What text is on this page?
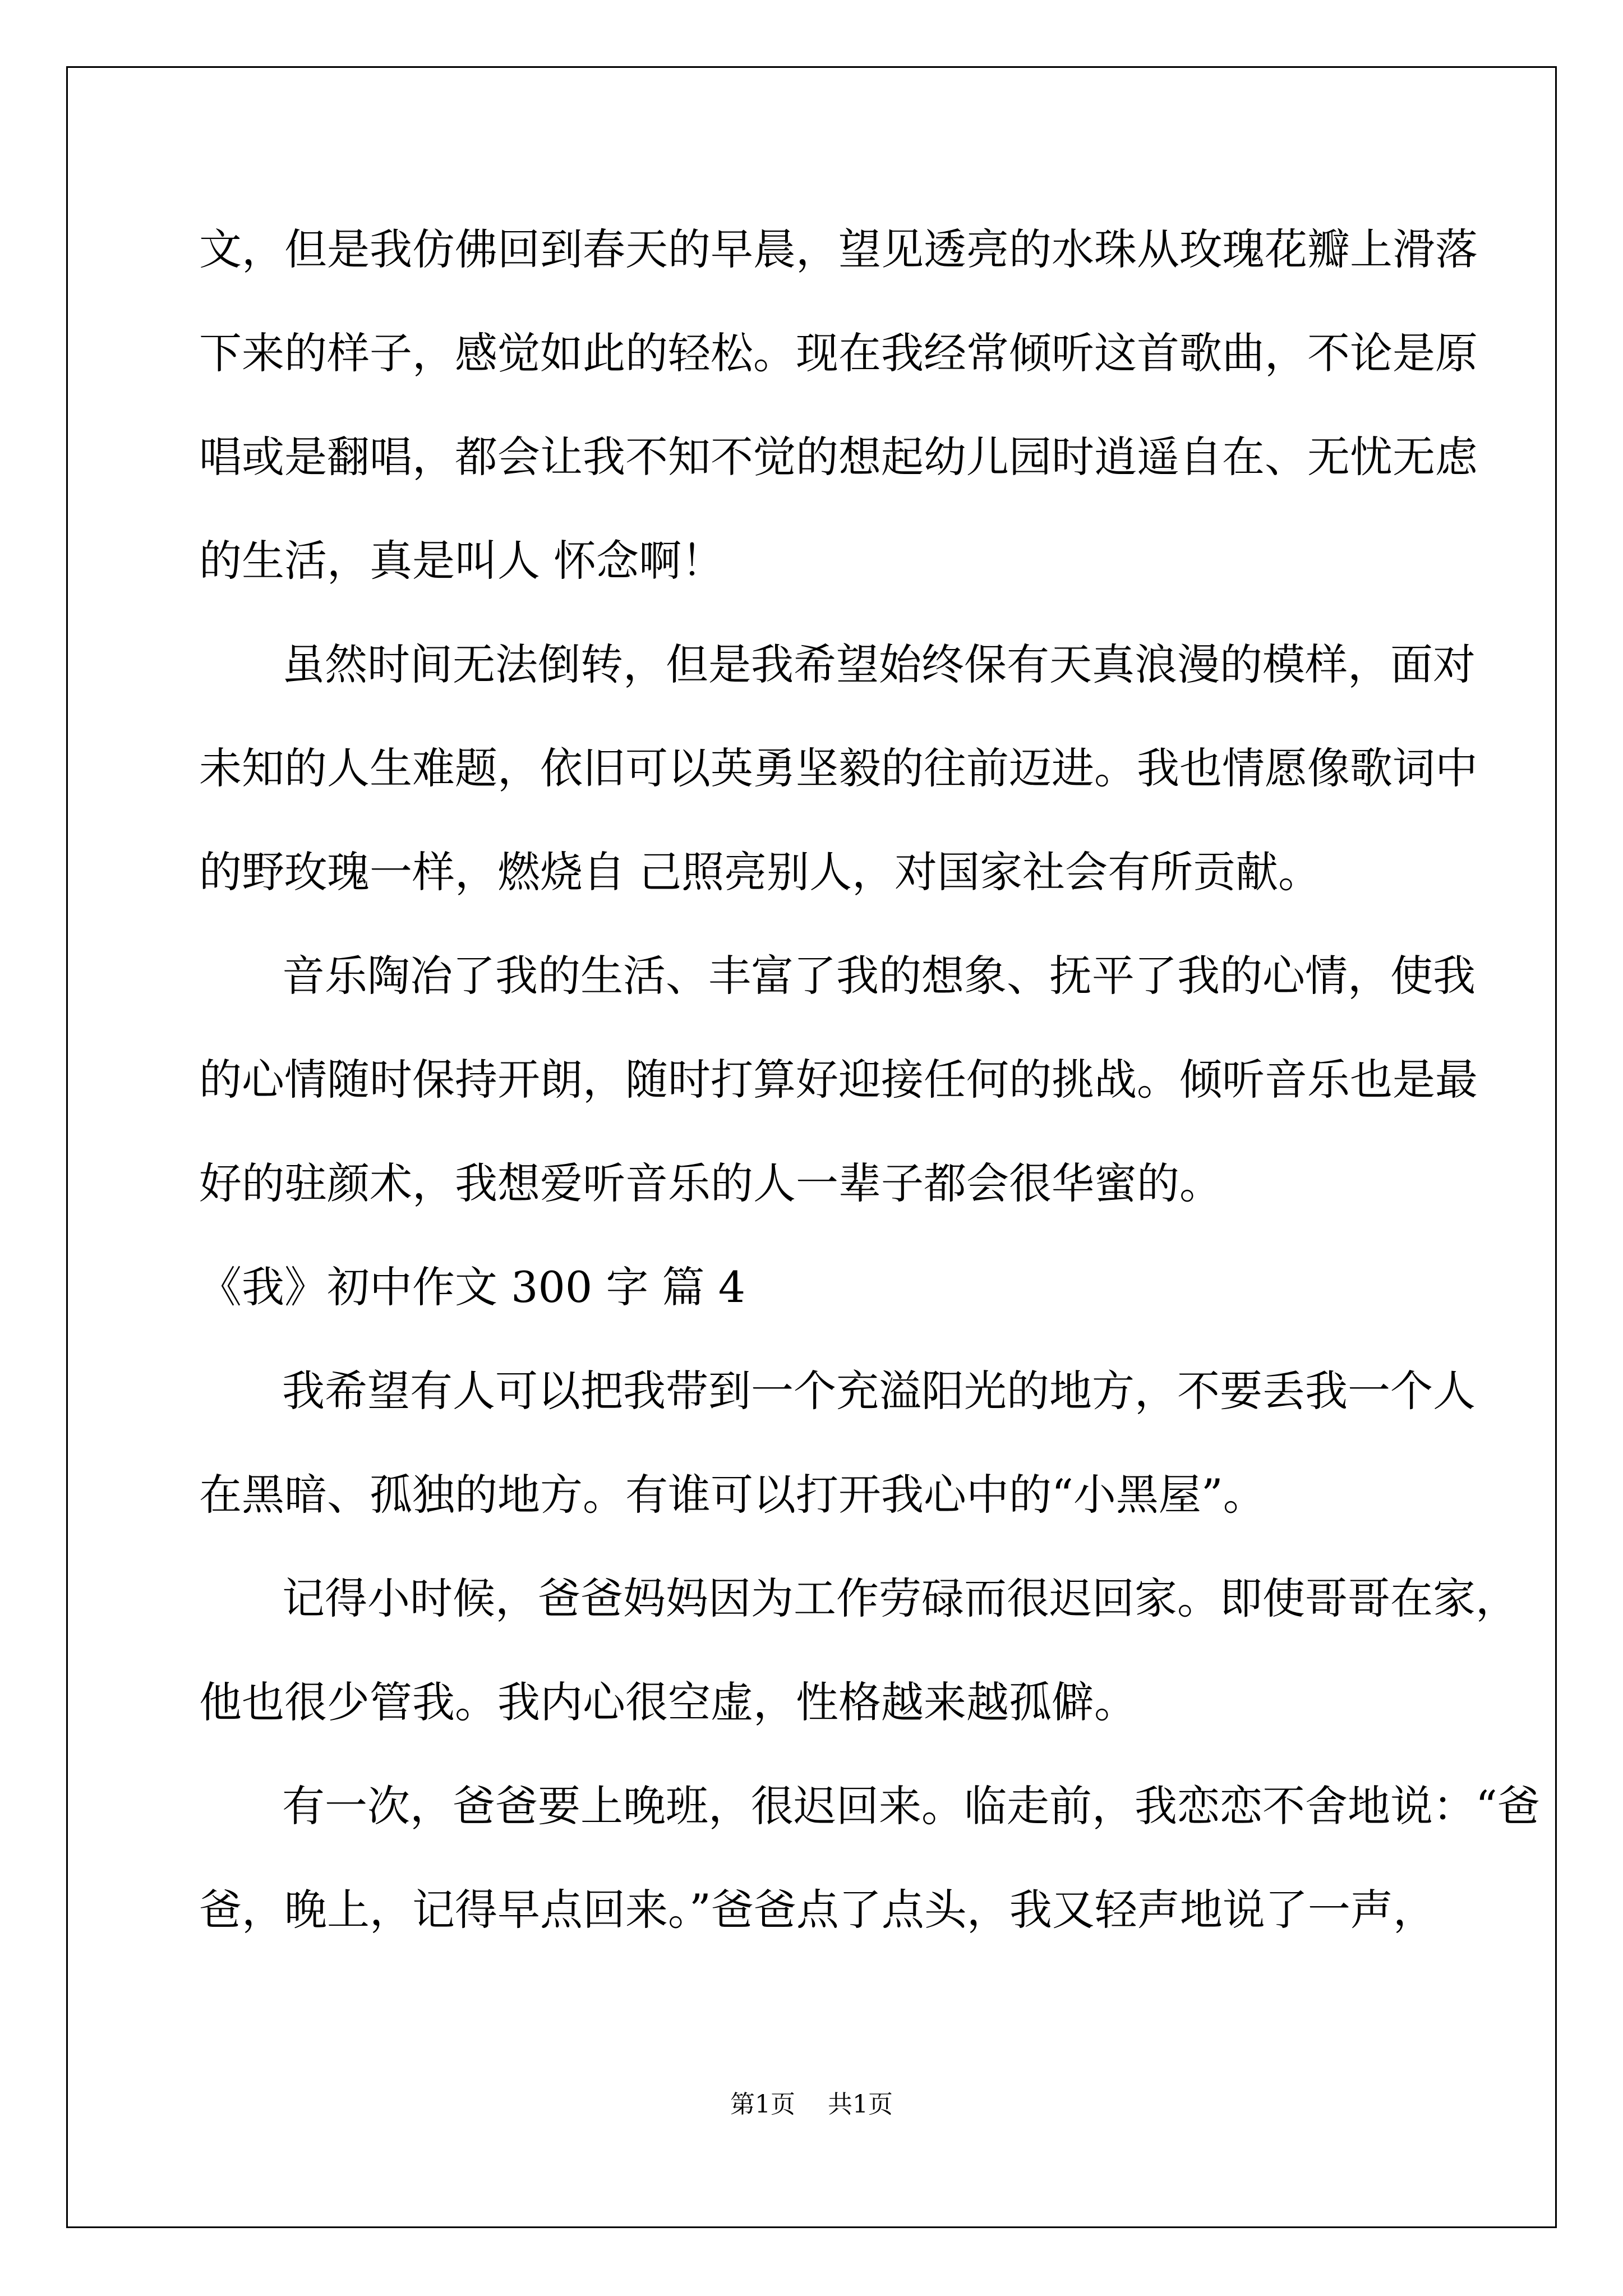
文，但是我仿佛回到春天的早晨，望见透亮的水珠从玫瑰花瓣上滑落
下来的样子，感觉如此的轻松。现在我经常倾听这首歌曲，不论是原
唱或是翻唱，都会让我不知不觉的想起幼儿园时逍遥自在、无忧无虑
的生活，真是叫人 怀念啊！
虽然时间无法倒转，但是我希望始终保有天真浪漫的模样，面对
未知的人生难题，依旧可以英勇坚毅的往前迈进。我也情愿像歌词中
的野玫瑰一样，燃烧自 己照亮别人，对国家社会有所贡献。
音乐陶冶了我的生活、丰富了我的想象、抚平了我的心情，使我
的心情随时保持开朗，随时打算好迎接任何的挑战。倾听音乐也是最
好的驻颜术，我想爱听音乐的人一辈子都会很华蜜的。
《我》初中作文 300 字 篇 4
我希望有人可以把我带到一个充溢阳光的地方，不要丢我一个人
在黑暗、孤独的地方。有谁可以打开我心中的“小黑屋”。
记得小时候，爸爸妈妈因为工作劳碌而很迟回家。即使哥哥在家，
他也很少管我。我内心很空虚，性格越来越孤僻。
有一次，爸爸要上晚班，很迟回来。临走前，我恋恋不舍地说：“爸
爸，晚上，记得早点回来。”爸爸点了点头，我又轻声地说了一声，
第1页 共1页
